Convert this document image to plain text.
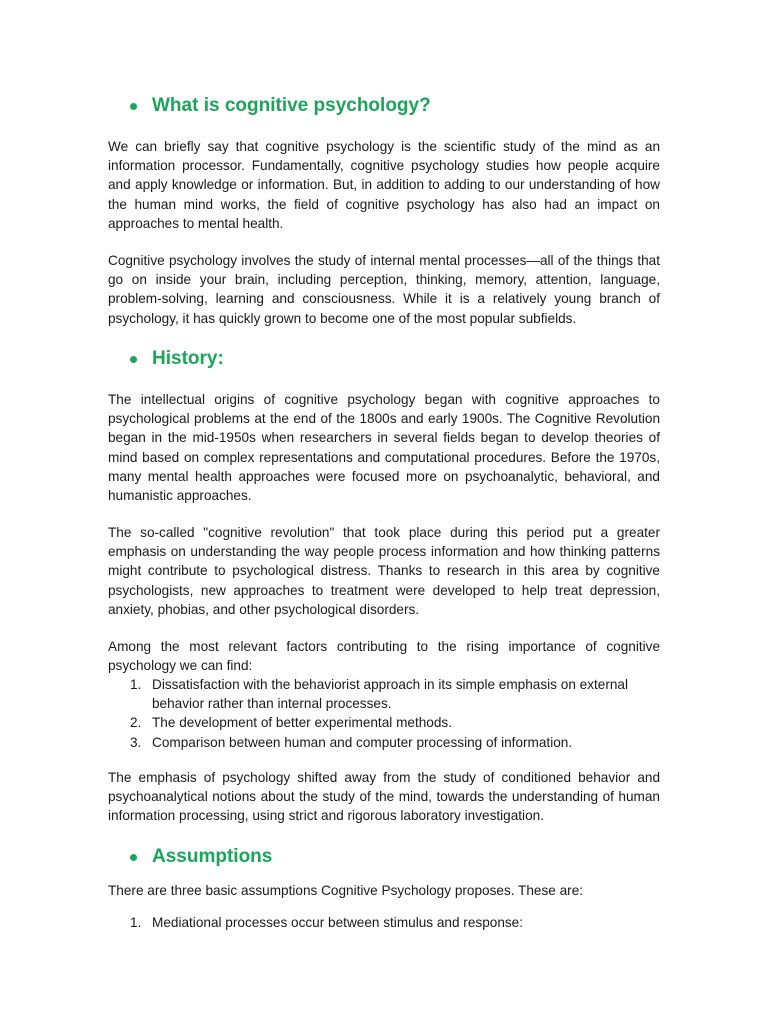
What is cognitive psychology?

We can briefly say that cognitive psychology is the scientific study of the mind as an information processor. Fundamentally, cognitive psychology studies how people acquire and apply knowledge or information. But, in addition to adding to our understanding of how the human mind works, the field of cognitive psychology has also had an impact on approaches to mental health.

Cognitive psychology involves the study of internal mental processes—all of the things that go on inside your brain, including perception, thinking, memory, attention, language, problem-solving, learning and consciousness. While it is a relatively young branch of psychology, it has quickly grown to become one of the most popular subfields.

History:

The intellectual origins of cognitive psychology began with cognitive approaches to psychological problems at the end of the 1800s and early 1900s. The Cognitive Revolution began in the mid-1950s when researchers in several fields began to develop theories of mind based on complex representations and computational procedures. Before the 1970s, many mental health approaches were focused more on psychoanalytic, behavioral, and humanistic approaches.

The so-called "cognitive revolution" that took place during this period put a greater emphasis on understanding the way people process information and how thinking patterns might contribute to psychological distress. Thanks to research in this area by cognitive psychologists, new approaches to treatment were developed to help treat depression, anxiety, phobias, and other psychological disorders.

Among the most relevant factors contributing to the rising importance of cognitive psychology we can find:

1. Dissatisfaction with the behaviorist approach in its simple emphasis on external behavior rather than internal processes.
2. The development of better experimental methods.
3. Comparison between human and computer processing of information.

The emphasis of psychology shifted away from the study of conditioned behavior and psychoanalytical notions about the study of the mind, towards the understanding of human information processing, using strict and rigorous laboratory investigation.

Assumptions

There are three basic assumptions Cognitive Psychology proposes. These are:

1. Mediational processes occur between stimulus and response:
